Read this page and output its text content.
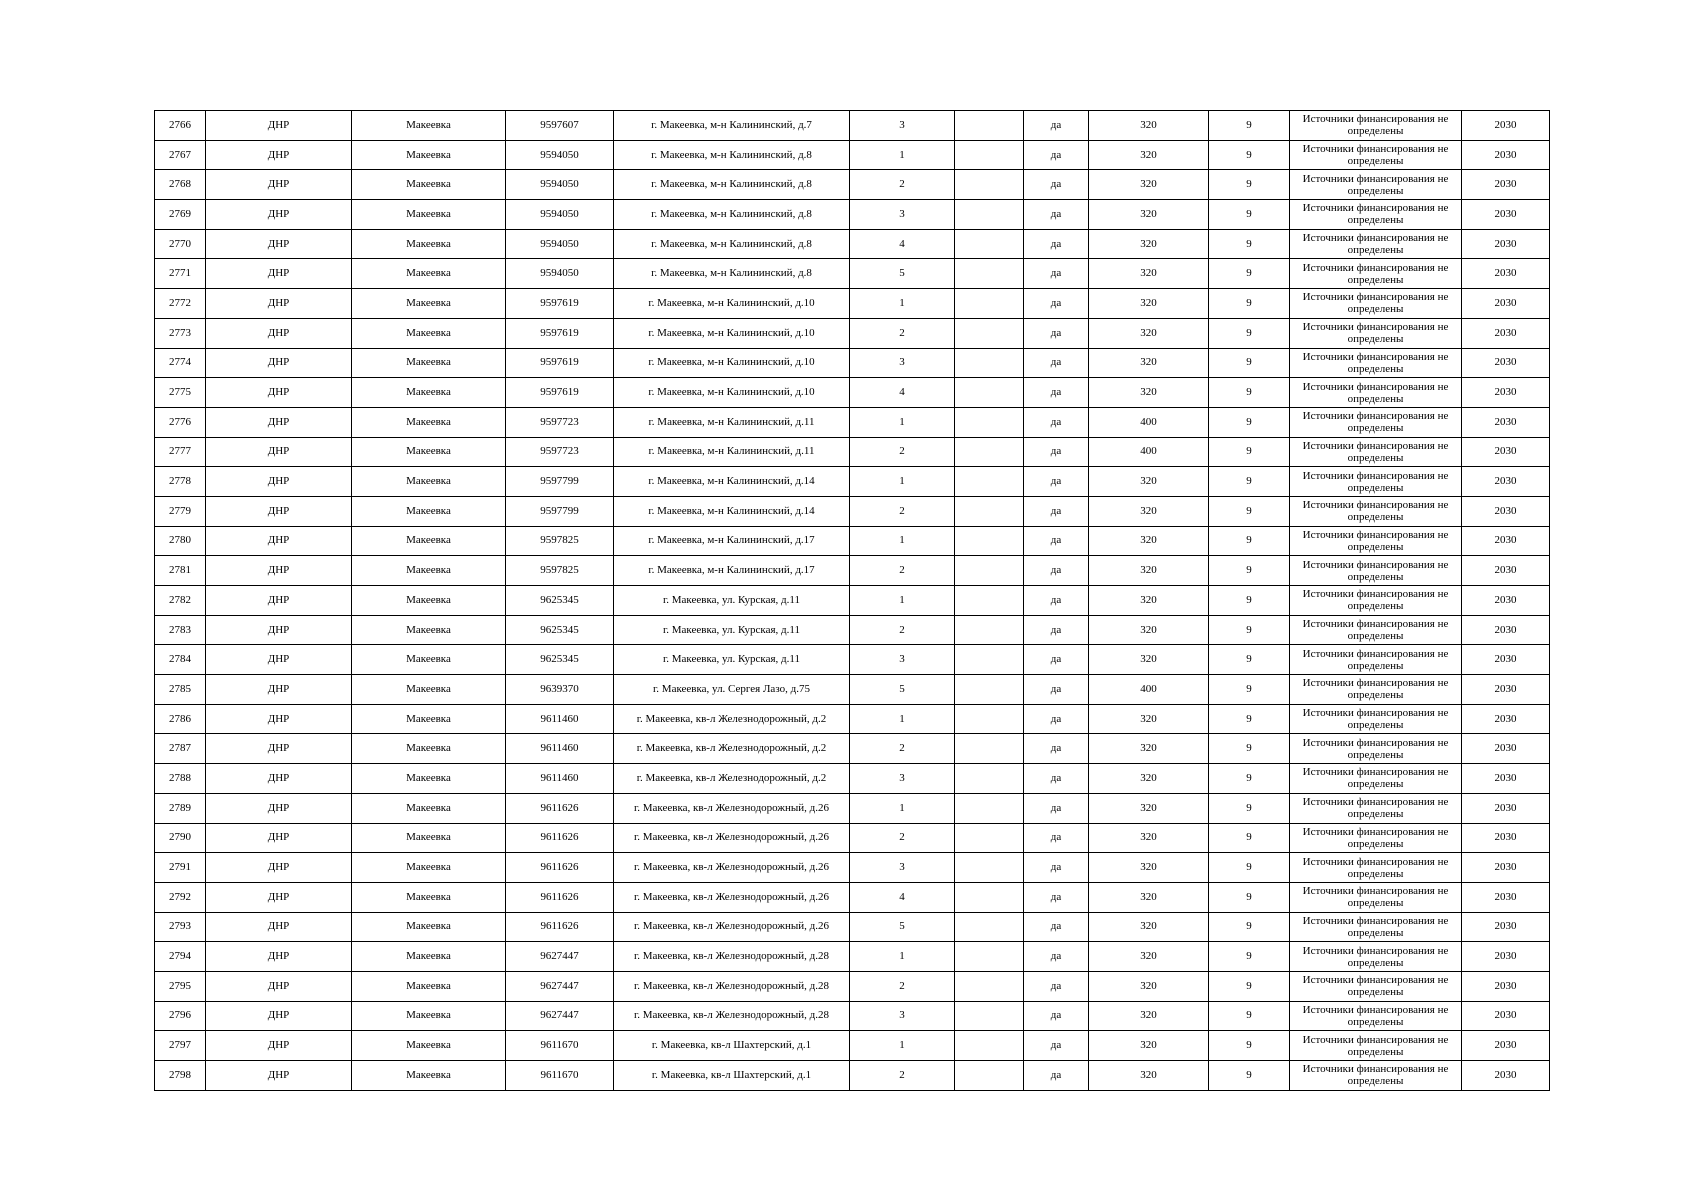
2766	ДНР	Макеевка	9597607	г. Макеевка, м-н Калининский, д.7	3		да	320	9	Источники финансирования не определены	2030
2767	ДНР	Макеевка	9594050	г. Макеевка, м-н Калининский, д.8	1		да	320	9	Источники финансирования не определены	2030
2768	ДНР	Макеевка	9594050	г. Макеевка, м-н Калининский, д.8	2		да	320	9	Источники финансирования не определены	2030
2769	ДНР	Макеевка	9594050	г. Макеевка, м-н Калининский, д.8	3		да	320	9	Источники финансирования не определены	2030
2770	ДНР	Макеевка	9594050	г. Макеевка, м-н Калининский, д.8	4		да	320	9	Источники финансирования не определены	2030
2771	ДНР	Макеевка	9594050	г. Макеевка, м-н Калининский, д.8	5		да	320	9	Источники финансирования не определены	2030
2772	ДНР	Макеевка	9597619	г. Макеевка, м-н Калининский, д.10	1		да	320	9	Источники финансирования не определены	2030
2773	ДНР	Макеевка	9597619	г. Макеевка, м-н Калининский, д.10	2		да	320	9	Источники финансирования не определены	2030
2774	ДНР	Макеевка	9597619	г. Макеевка, м-н Калининский, д.10	3		да	320	9	Источники финансирования не определены	2030
2775	ДНР	Макеевка	9597619	г. Макеевка, м-н Калининский, д.10	4		да	320	9	Источники финансирования не определены	2030
2776	ДНР	Макеевка	9597723	г. Макеевка, м-н Калининский, д.11	1		да	400	9	Источники финансирования не определены	2030
2777	ДНР	Макеевка	9597723	г. Макеевка, м-н Калининский, д.11	2		да	400	9	Источники финансирования не определены	2030
2778	ДНР	Макеевка	9597799	г. Макеевка, м-н Калининский, д.14	1		да	320	9	Источники финансирования не определены	2030
2779	ДНР	Макеевка	9597799	г. Макеевка, м-н Калининский, д.14	2		да	320	9	Источники финансирования не определены	2030
2780	ДНР	Макеевка	9597825	г. Макеевка, м-н Калининский, д.17	1		да	320	9	Источники финансирования не определены	2030
2781	ДНР	Макеевка	9597825	г. Макеевка, м-н Калининский, д.17	2		да	320	9	Источники финансирования не определены	2030
2782	ДНР	Макеевка	9625345	г. Макеевка, ул. Курская, д.11	1		да	320	9	Источники финансирования не определены	2030
2783	ДНР	Макеевка	9625345	г. Макеевка, ул. Курская, д.11	2		да	320	9	Источники финансирования не определены	2030
2784	ДНР	Макеевка	9625345	г. Макеевка, ул. Курская, д.11	3		да	320	9	Источники финансирования не определены	2030
2785	ДНР	Макеевка	9639370	г. Макеевка, ул. Сергея Лазо, д.75	5		да	400	9	Источники финансирования не определены	2030
2786	ДНР	Макеевка	9611460	г. Макеевка, кв-л Железнодорожный, д.2	1		да	320	9	Источники финансирования не определены	2030
2787	ДНР	Макеевка	9611460	г. Макеевка, кв-л Железнодорожный, д.2	2		да	320	9	Источники финансирования не определены	2030
2788	ДНР	Макеевка	9611460	г. Макеевка, кв-л Железнодорожный, д.2	3		да	320	9	Источники финансирования не определены	2030
2789	ДНР	Макеевка	9611626	г. Макеевка, кв-л Железнодорожный, д.26	1		да	320	9	Источники финансирования не определены	2030
2790	ДНР	Макеевка	9611626	г. Макеевка, кв-л Железнодорожный, д.26	2		да	320	9	Источники финансирования не определены	2030
2791	ДНР	Макеевка	9611626	г. Макеевка, кв-л Железнодорожный, д.26	3		да	320	9	Источники финансирования не определены	2030
2792	ДНР	Макеевка	9611626	г. Макеевка, кв-л Железнодорожный, д.26	4		да	320	9	Источники финансирования не определены	2030
2793	ДНР	Макеевка	9611626	г. Макеевка, кв-л Железнодорожный, д.26	5		да	320	9	Источники финансирования не определены	2030
2794	ДНР	Макеевка	9627447	г. Макеевка, кв-л Железнодорожный, д.28	1		да	320	9	Источники финансирования не определены	2030
2795	ДНР	Макеевка	9627447	г. Макеевка, кв-л Железнодорожный, д.28	2		да	320	9	Источники финансирования не определены	2030
2796	ДНР	Макеевка	9627447	г. Макеевка, кв-л Железнодорожный, д.28	3		да	320	9	Источники финансирования не определены	2030
2797	ДНР	Макеевка	9611670	г. Макеевка, кв-л Шахтерский, д.1	1		да	320	9	Источники финансирования не определены	2030
2798	ДНР	Макеевка	9611670	г. Макеевка, кв-л Шахтерский, д.1	2		да	320	9	Источники финансирования не определены	2030
